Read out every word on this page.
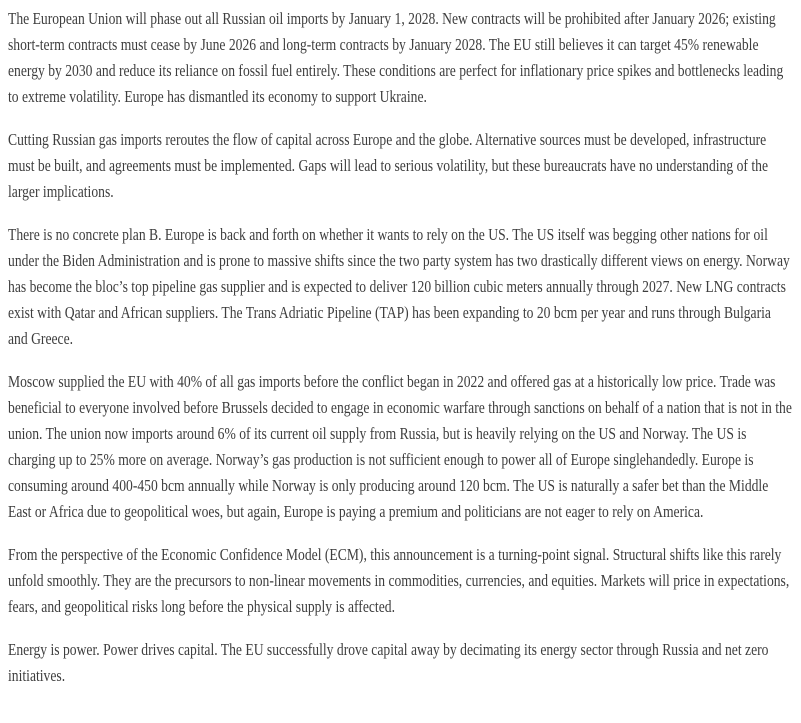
The European Union will phase out all Russian oil imports by January 1, 2028. New contracts will be prohibited after January 2026; existing short-term contracts must cease by June 2026 and long-term contracts by January 2028. The EU still believes it can target 45% renewable energy by 2030 and reduce its reliance on fossil fuel entirely. These conditions are perfect for inflationary price spikes and bottlenecks leading to extreme volatility. Europe has dismantled its economy to support Ukraine.

Cutting Russian gas imports reroutes the flow of capital across Europe and the globe. Alternative sources must be developed, infrastructure must be built, and agreements must be implemented. Gaps will lead to serious volatility, but these bureaucrats have no understanding of the larger implications.

There is no concrete plan B. Europe is back and forth on whether it wants to rely on the US. The US itself was begging other nations for oil under the Biden Administration and is prone to massive shifts since the two party system has two drastically different views on energy. Norway has become the bloc’s top pipeline gas supplier and is expected to deliver 120 billion cubic meters annually through 2027. New LNG contracts exist with Qatar and African suppliers. The Trans Adriatic Pipeline (TAP) has been expanding to 20 bcm per year and runs through Bulgaria and Greece.

Moscow supplied the EU with 40% of all gas imports before the conflict began in 2022 and offered gas at a historically low price. Trade was beneficial to everyone involved before Brussels decided to engage in economic warfare through sanctions on behalf of a nation that is not in the union. The union now imports around 6% of its current oil supply from Russia, but is heavily relying on the US and Norway. The US is charging up to 25% more on average. Norway’s gas production is not sufficient enough to power all of Europe singlehandedly. Europe is consuming around 400-450 bcm annually while Norway is only producing around 120 bcm. The US is naturally a safer bet than the Middle East or Africa due to geopolitical woes, but again, Europe is paying a premium and politicians are not eager to rely on America.

From the perspective of the Economic Confidence Model (ECM), this announcement is a turning-point signal. Structural shifts like this rarely unfold smoothly. They are the precursors to non-linear movements in commodities, currencies, and equities. Markets will price in expectations, fears, and geopolitical risks long before the physical supply is affected.

Energy is power. Power drives capital. The EU successfully drove capital away by decimating its energy sector through Russia and net zero initiatives.
